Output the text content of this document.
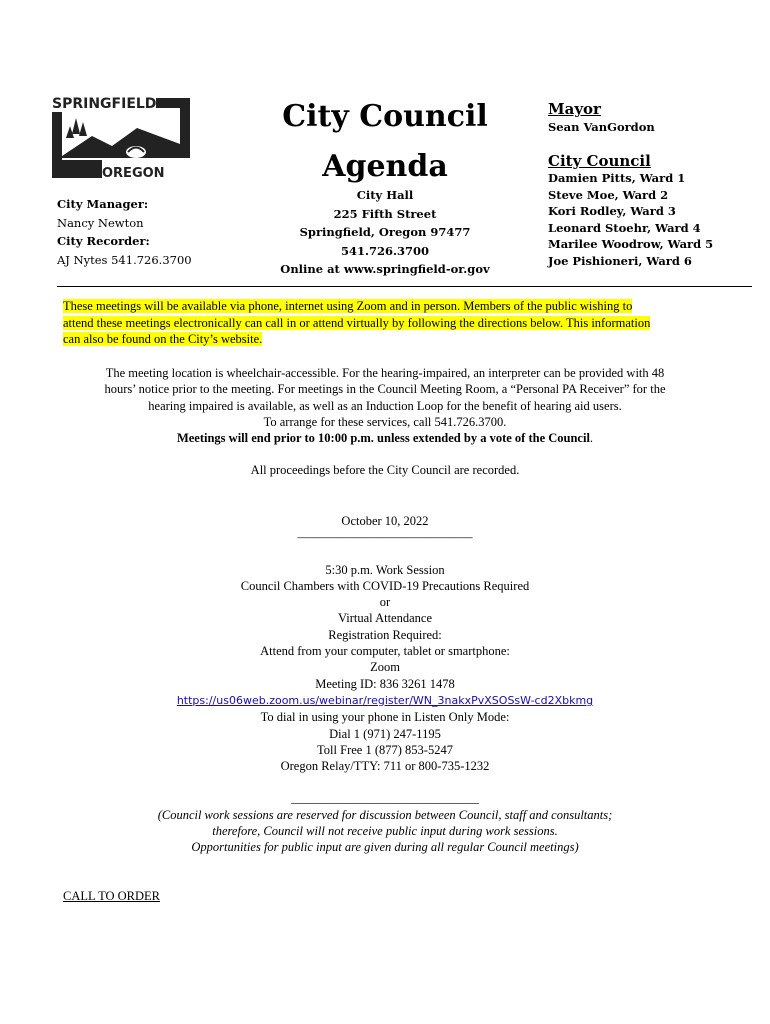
SPRINGFIELD
OREGON
City Manager:
Nancy Newton
City Recorder:
AJ Nytes 541.726.3700
City Council
Agenda
City Hall
225 Fifth Street
Springfield, Oregon 97477
541.726.3700
Online at www.springfield-or.gov
Mayor
Sean VanGordon
City Council
Damien Pitts, Ward 1
Steve Moe, Ward 2
Kori Rodley, Ward 3
Leonard Stoehr, Ward 4
Marilee Woodrow, Ward 5
Joe Pishioneri, Ward 6
These meetings will be available via phone, internet using Zoom and in person. Members of the public wishing to
attend these meetings electronically can call in or attend virtually by following the directions below. This information
can also be found on the City’s website.
The meeting location is wheelchair-accessible. For the hearing-impaired, an interpreter can be provided with 48
hours’ notice prior to the meeting. For meetings in the Council Meeting Room, a “Personal PA Receiver” for the
hearing impaired is available, as well as an Induction Loop for the benefit of hearing aid users.
To arrange for these services, call 541.726.3700.
Meetings will end prior to 10:00 p.m. unless extended by a vote of the Council.
All proceedings before the City Council are recorded.
October 10, 2022
——————————————
5:30 p.m. Work Session
Council Chambers with COVID-19 Precautions Required
or
Virtual Attendance
Registration Required:
Attend from your computer, tablet or smartphone:
Zoom
Meeting ID: 836 3261 1478
https://us06web.zoom.us/webinar/register/WN_3nakxPvXSOSsW-cd2Xbkmg
To dial in using your phone in Listen Only Mode:
Dial 1 (971) 247-1195
Toll Free 1 (877) 853-5247
Oregon Relay/TTY: 711 or 800-735-1232
______________________________
(Council work sessions are reserved for discussion between Council, staff and consultants;
therefore, Council will not receive public input during work sessions.
Opportunities for public input are given during all regular Council meetings)
CALL TO ORDER
